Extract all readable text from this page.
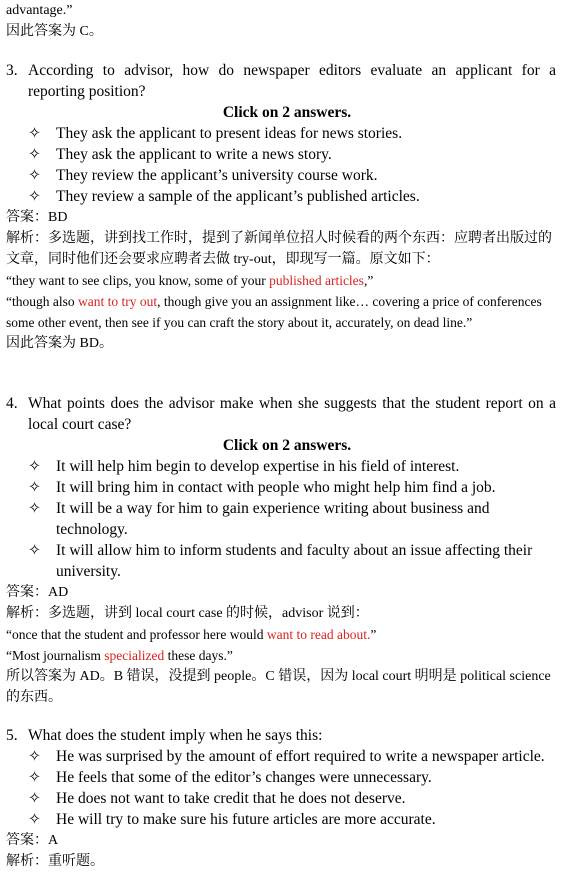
advantage.”
因此答案为 C。
3. According to advisor, how do newspaper editors evaluate an applicant for a reporting position?
Click on 2 answers.
✧ They ask the applicant to present ideas for news stories.
✧ They ask the applicant to write a news story.
✧ They review the applicant’s university course work.
✧ They review a sample of the applicant’s published articles.
答案：BD
解析：多选题，讲到找工作时，提到了新闻单位招人时候看的两个东西：应聘者出版过的文章，同时他们还会要求应聘者去做 try-out，即现写一篇。原文如下：
“they want to see clips, you know, some of your published articles,”
“though also want to try out, though give you an assignment like… covering a price of conferences some other event, then see if you can craft the story about it, accurately, on dead line.”
因此答案为 BD。
4. What points does the advisor make when she suggests that the student report on a local court case?
Click on 2 answers.
✧ It will help him begin to develop expertise in his field of interest.
✧ It will bring him in contact with people who might help him find a job.
✧ It will be a way for him to gain experience writing about business and technology.
✧ It will allow him to inform students and faculty about an issue affecting their university.
答案：AD
解析：多选题，讲到 local court case 的时候，advisor 说到：
“once that the student and professor here would want to read about.”
“Most journalism specialized these days.”
所以答案为 AD。B 错误，没提到 people。C 错误，因为 local court 明明是 political science 的东西。
5. What does the student imply when he says this:
✧ He was surprised by the amount of effort required to write a newspaper article.
✧ He feels that some of the editor’s changes were unnecessary.
✧ He does not want to take credit that he does not deserve.
✧ He will try to make sure his future articles are more accurate.
答案：A
解析：重听题。
